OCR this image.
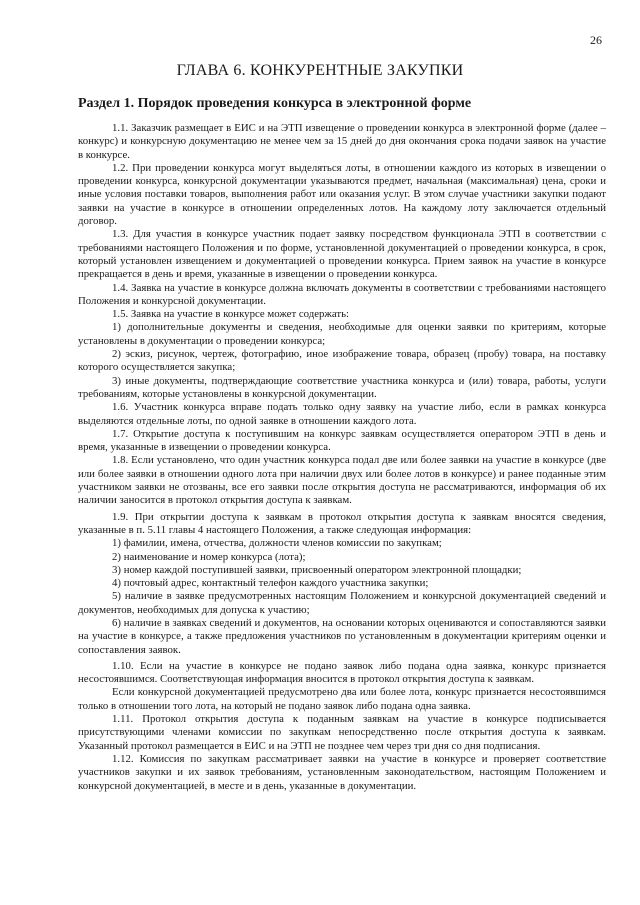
26
ГЛАВА 6. КОНКУРЕНТНЫЕ ЗАКУПКИ
Раздел 1. Порядок проведения конкурса в электронной форме

1.1. Заказчик размещает в ЕИС и на ЭТП извещение о проведении конкурса в электронной форме (далее – конкурс) и конкурсную документацию не менее чем за 15 дней до дня окончания срока подачи заявок на участие в конкурсе.

1.2. При проведении конкурса могут выделяться лоты, в отношении каждого из которых в извещении о проведении конкурса, конкурсной документации указываются предмет, начальная (максимальная) цена, сроки и иные условия поставки товаров, выполнения работ или оказания услуг. В этом случае участники закупки подают заявки на участие в конкурсе в отношении определенных лотов. На каждому лоту заключается отдельный договор.

1.3. Для участия в конкурсе участник подает заявку посредством функционала ЭТП в соответствии с требованиями настоящего Положения и по форме, установленной документацией о проведении конкурса, в срок, который установлен извещением и документацией о проведении конкурса. Прием заявок на участие в конкурсе прекращается в день и время, указанные в извещении о проведении конкурса.

1.4. Заявка на участие в конкурсе должна включать документы в соответствии с требованиями настоящего Положения и конкурсной документации.

1.5. Заявка на участие в конкурсе может содержать:

1) дополнительные документы и сведения, необходимые для оценки заявки по критериям, которые установлены в документации о проведении конкурса;

2) эскиз, рисунок, чертеж, фотографию, иное изображение товара, образец (пробу) товара, на поставку которого осуществляется закупка;

3) иные документы, подтверждающие соответствие участника конкурса и (или) товара, работы, услуги требованиям, которые установлены в конкурсной документации.

1.6. Участник конкурса вправе подать только одну заявку на участие либо, если в рамках конкурса выделяются отдельные лоты, по одной заявке в отношении каждого лота.

1.7. Открытие доступа к поступившим на конкурс заявкам осуществляется оператором ЭТП в день и время, указанные в извещении о проведении конкурса.

1.8. Если установлено, что один участник конкурса подал две или более заявки на участие в конкурсе (две или более заявки в отношении одного лота при наличии двух или более лотов в конкурсе) и ранее поданные этим участником заявки не отозваны, все его заявки после открытия доступа не рассматриваются, информация об их наличии заносится в протокол открытия доступа к заявкам.

1.9. При открытии доступа к заявкам в протокол открытия доступа к заявкам вносятся сведения, указанные в п. 5.11 главы 4 настоящего Положения, а также следующая информация:

1) фамилии, имена, отчества, должности членов комиссии по закупкам;

2) наименование и номер конкурса (лота);

3) номер каждой поступившей заявки, присвоенный оператором электронной площадки;

4) почтовый адрес, контактный телефон каждого участника закупки;

5) наличие в заявке предусмотренных настоящим Положением и конкурсной документацией сведений и документов, необходимых для допуска к участию;

6) наличие в заявках сведений и документов, на основании которых оцениваются и сопоставляются заявки на участие в конкурсе, а также предложения участников по установленным в документации критериям оценки и сопоставления заявок.

1.10. Если на участие в конкурсе не подано заявок либо подана одна заявка, конкурс признается несостоявшимся. Соответствующая информация вносится в протокол открытия доступа к заявкам.

Если конкурсной документацией предусмотрено два или более лота, конкурс признается несостоявшимся только в отношении того лота, на который не подано заявок либо подана одна заявка.

1.11. Протокол открытия доступа к поданным заявкам на участие в конкурсе подписывается присутствующими членами комиссии по закупкам непосредственно после открытия доступа к заявкам. Указанный протокол размещается в ЕИС и на ЭТП не позднее чем через три дня со дня подписания.

1.12. Комиссия по закупкам рассматривает заявки на участие в конкурсе и проверяет соответствие участников закупки и их заявок требованиям, установленным законодательством, настоящим Положением и конкурсной документацией, в месте и в день, указанные в документации.
